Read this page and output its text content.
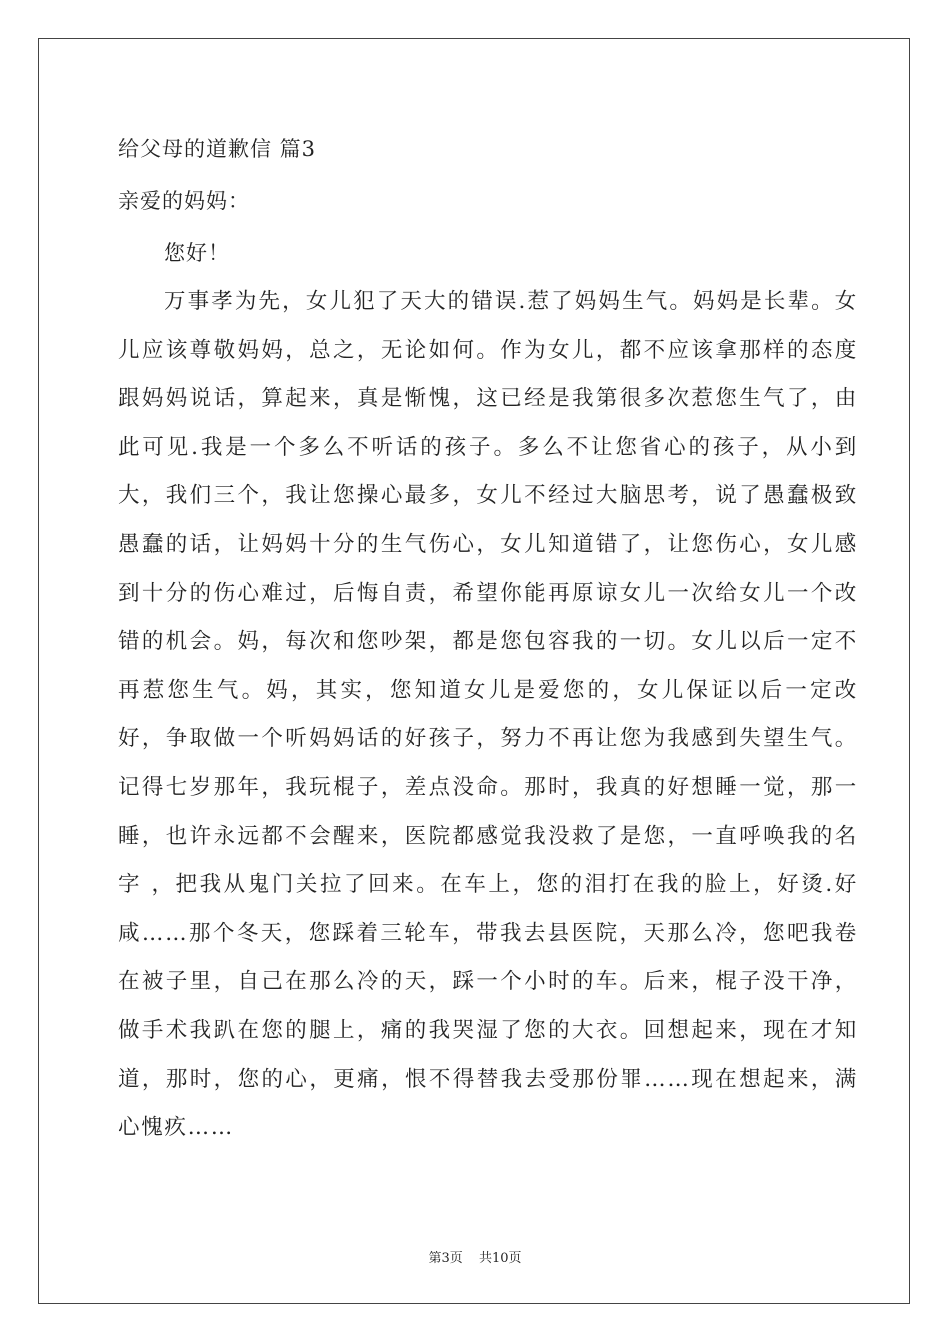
给父母的道歉信 篇3

亲爱的妈妈：

您好！

万事孝为先，女儿犯了天大的错误.惹了妈妈生气。妈妈是长辈。女儿应该尊敬妈妈，总之，无论如何。作为女儿，都不应该拿那样的态度跟妈妈说话，算起来，真是惭愧，这已经是我第很多次惹您生气了，由此可见.我是一个多么不听话的孩子。多么不让您省心的孩子，从小到大，我们三个，我让您操心最多，女儿不经过大脑思考，说了愚蠢极致愚蠢的话，让妈妈十分的生气伤心，女儿知道错了，让您伤心，女儿感到十分的伤心难过，后悔自责，希望你能再原谅女儿一次给女儿一个改错的机会。妈，每次和您吵架，都是您包容我的一切。女儿以后一定不再惹您生气。妈，其实，您知道女儿是爱您的，女儿保证以后一定改好，争取做一个听妈妈话的好孩子，努力不再让您为我感到失望生气。记得七岁那年，我玩棍子，差点没命。那时，我真的好想睡一觉，那一睡，也许永远都不会醒来，医院都感觉我没救了是您，一直呼唤我的名字 ，把我从鬼门关拉了回来。在车上，您的泪打在我的脸上，好烫.好咸……那个冬天，您踩着三轮车，带我去县医院，天那么冷，您吧我卷在被子里，自己在那么冷的天，踩一个小时的车。后来，棍子没干净，做手术我趴在您的腿上，痛的我哭湿了您的大衣。回想起来，现在才知道，那时，您的心，更痛，恨不得替我去受那份罪……现在想起来，满心愧疚……

第3页 共10页
